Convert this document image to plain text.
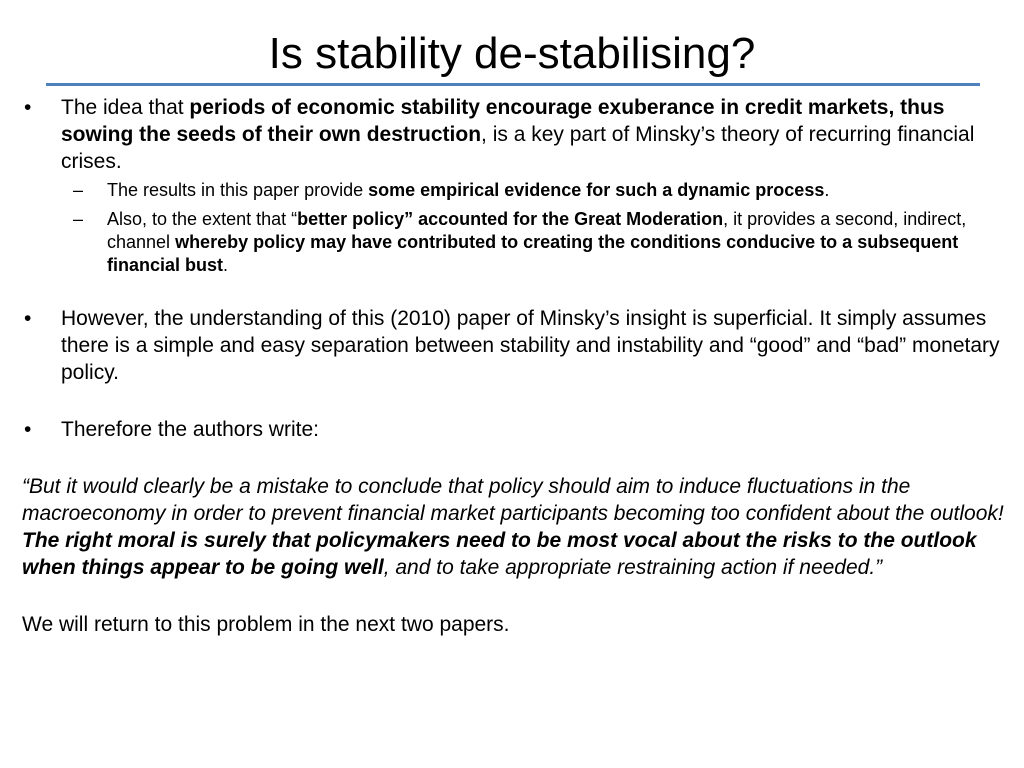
Is stability de-stabilising?
• The idea that periods of economic stability encourage exuberance in credit markets, thus sowing the seeds of their own destruction, is a key part of Minsky’s theory of recurring financial crises.
– The results in this paper provide some empirical evidence for such a dynamic process.
– Also, to the extent that “better policy” accounted for the Great Moderation, it provides a second, indirect, channel whereby policy may have contributed to creating the conditions conducive to a subsequent financial bust.
• However, the understanding of this (2010) paper of Minsky’s insight is superficial. It simply assumes there is a simple and easy separation between stability and instability and “good” and “bad” monetary policy.
• Therefore the authors write:

“But it would clearly be a mistake to conclude that policy should aim to induce fluctuations in the macroeconomy in order to prevent financial market participants becoming too confident about the outlook! The right moral is surely that policymakers need to be most vocal about the risks to the outlook when things appear to be going well, and to take appropriate restraining action if needed.”

We will return to this problem in the next two papers.
